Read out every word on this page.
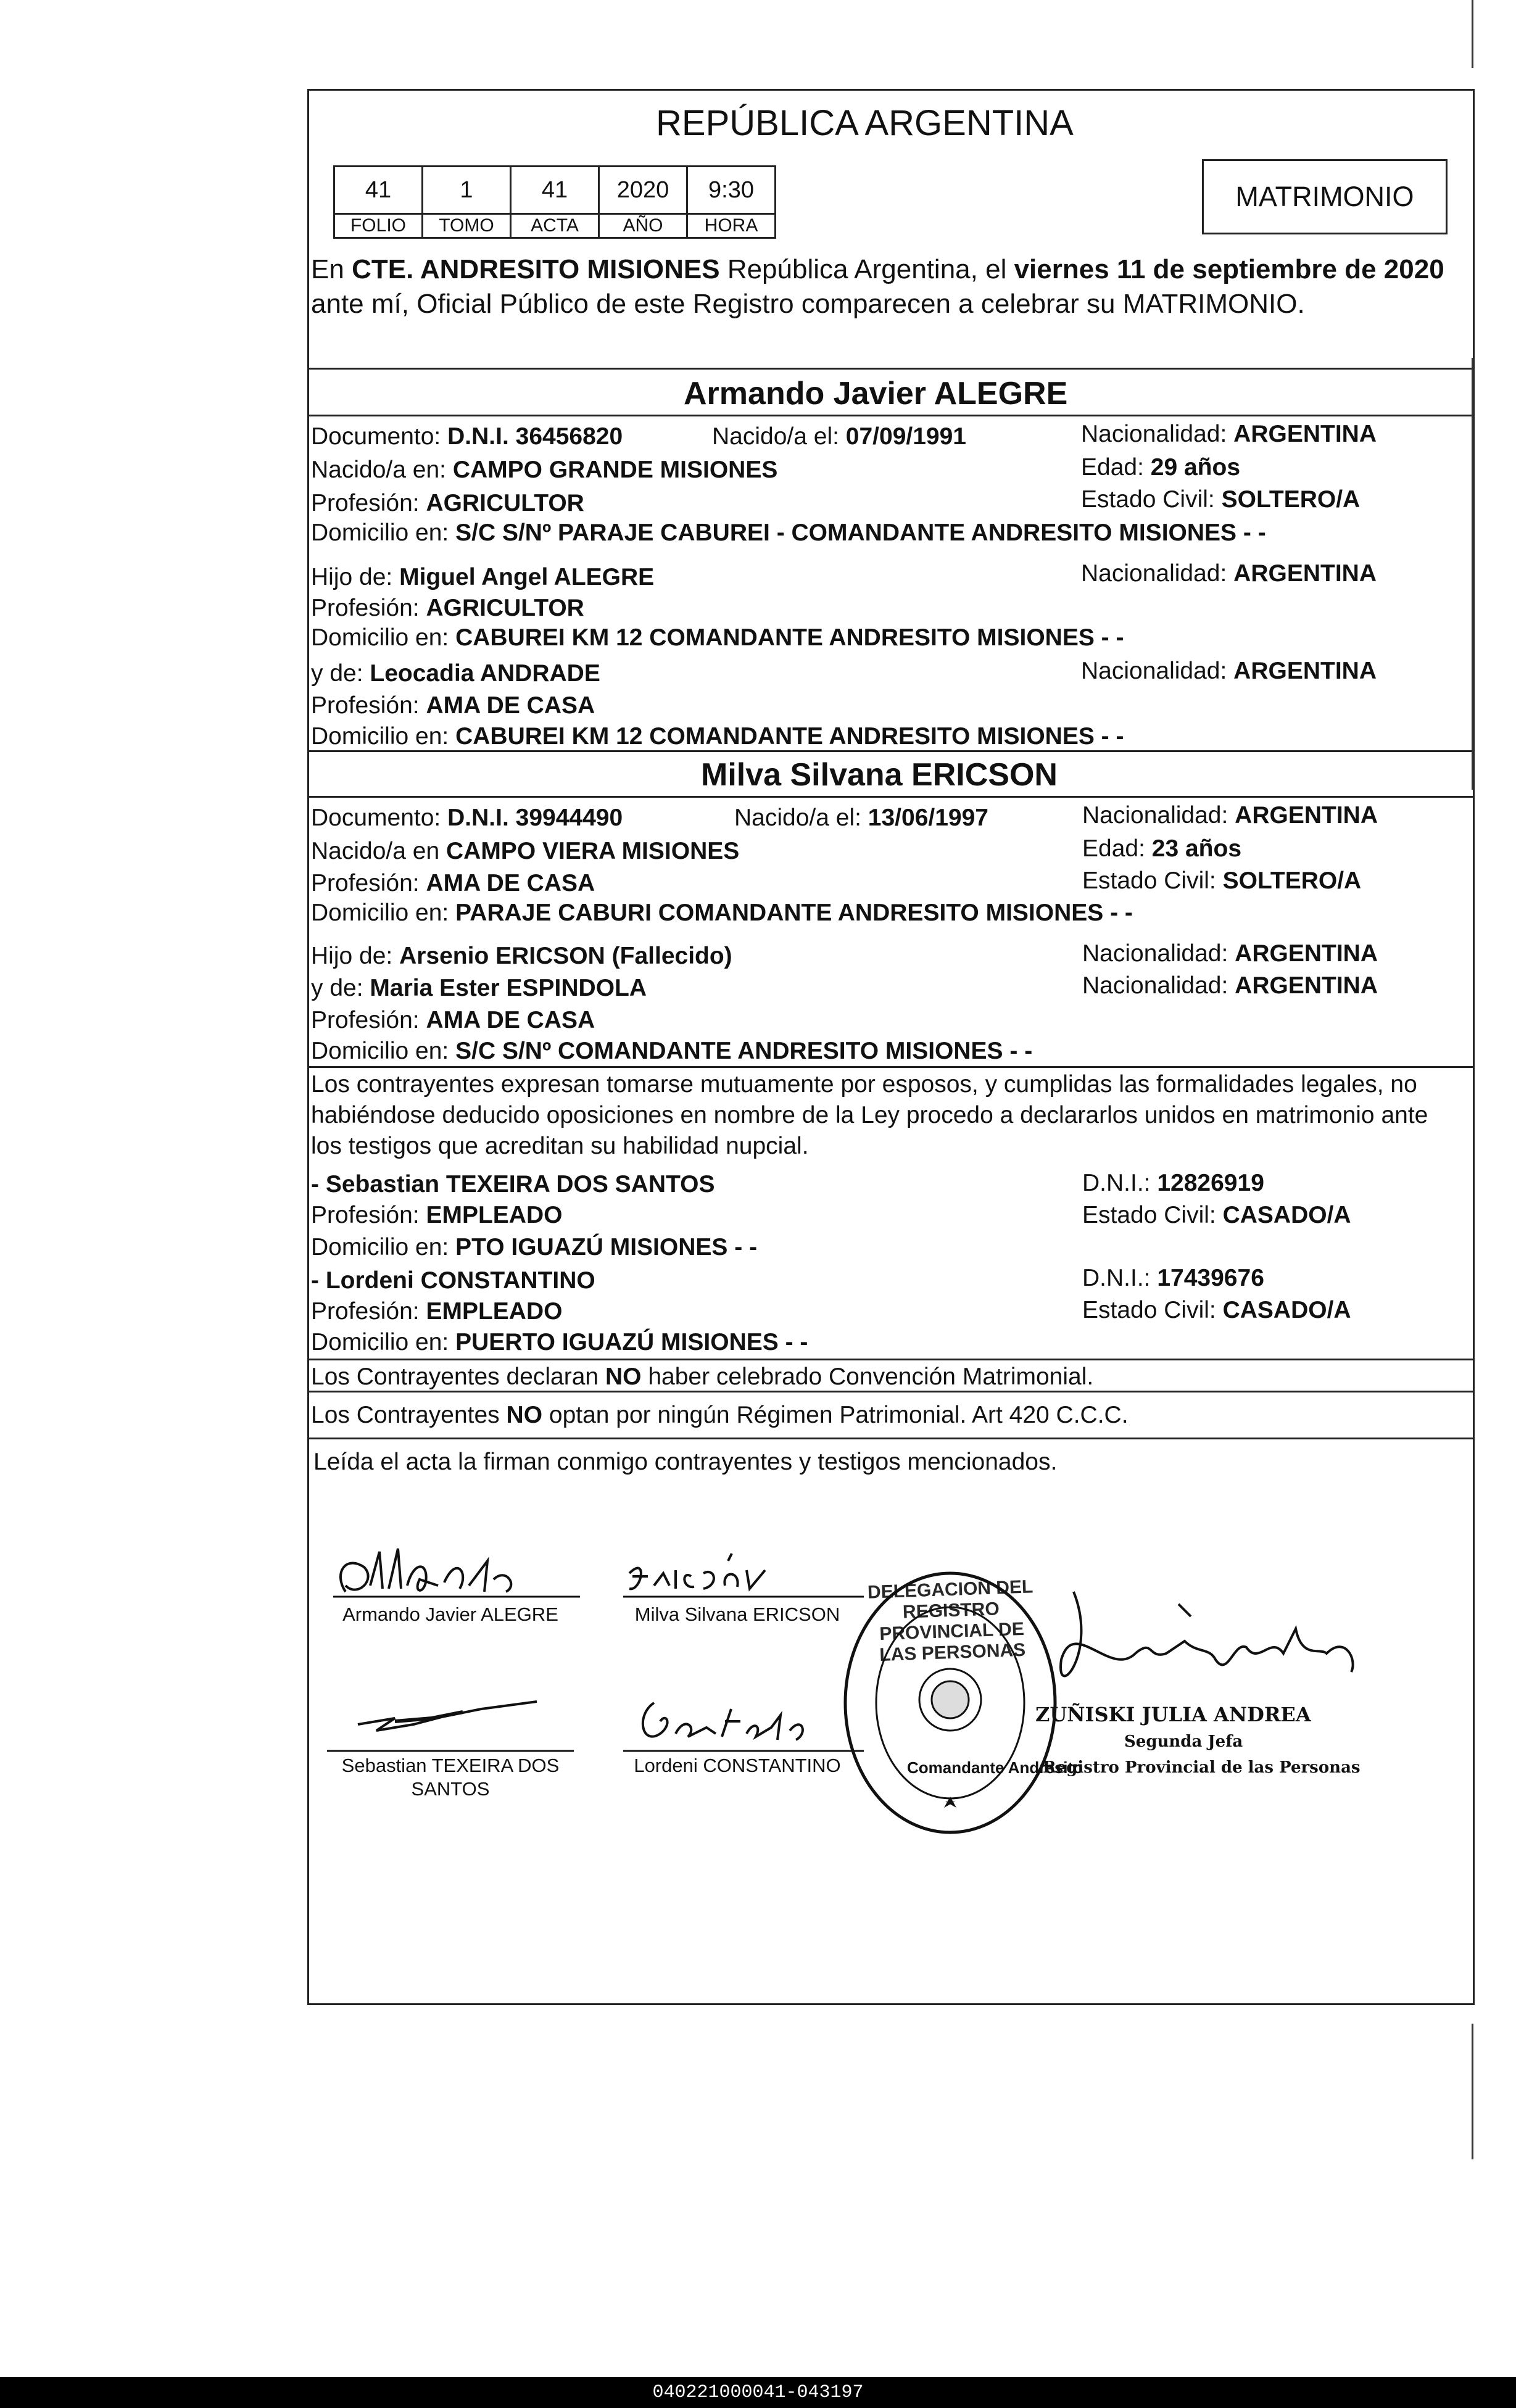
REPÚBLICA ARGENTINA
41	1	41	2020	9:30
FOLIO	TOMO	ACTA	AÑO	HORA
MATRIMONIO
En CTE. ANDRESITO MISIONES República Argentina, el viernes 11 de septiembre de 2020
ante mí, Oficial Público de este Registro comparecen a celebrar su MATRIMONIO.
Armando Javier ALEGRE
Documento: D.N.I. 36456820	Nacido/a el: 07/09/1991	Nacionalidad: ARGENTINA
Nacido/a en: CAMPO GRANDE MISIONES	Edad: 29 años
Profesión: AGRICULTOR	Estado Civil: SOLTERO/A
Domicilio en: S/C S/Nº PARAJE CABUREI - COMANDANTE ANDRESITO MISIONES - -
Hijo de: Miguel Angel ALEGRE	Nacionalidad: ARGENTINA
Profesión: AGRICULTOR
Domicilio en: CABUREI KM 12 COMANDANTE ANDRESITO MISIONES - -
y de: Leocadia ANDRADE	Nacionalidad: ARGENTINA
Profesión: AMA DE CASA
Domicilio en: CABUREI KM 12 COMANDANTE ANDRESITO MISIONES - -
Milva Silvana ERICSON
Documento: D.N.I. 39944490	Nacido/a el: 13/06/1997	Nacionalidad: ARGENTINA
Nacido/a en CAMPO VIERA MISIONES	Edad: 23 años
Profesión: AMA DE CASA	Estado Civil: SOLTERO/A
Domicilio en: PARAJE CABURI COMANDANTE ANDRESITO MISIONES - -
Hijo de: Arsenio ERICSON (Fallecido)	Nacionalidad: ARGENTINA
y de: Maria Ester ESPINDOLA	Nacionalidad: ARGENTINA
Profesión: AMA DE CASA
Domicilio en: S/C S/Nº COMANDANTE ANDRESITO MISIONES - -
Los contrayentes expresan tomarse mutuamente por esposos, y cumplidas las formalidades legales, no
habiéndose deducido oposiciones en nombre de la Ley procedo a declararlos unidos en matrimonio ante
los testigos que acreditan su habilidad nupcial.
- Sebastian TEXEIRA DOS SANTOS	D.N.I.: 12826919
Profesión: EMPLEADO	Estado Civil: CASADO/A
Domicilio en: PTO IGUAZÚ MISIONES - -
- Lordeni CONSTANTINO	D.N.I.: 17439676
Profesión: EMPLEADO	Estado Civil: CASADO/A
Domicilio en: PUERTO IGUAZÚ MISIONES - -
Los Contrayentes declaran NO haber celebrado Convención Matrimonial.
Los Contrayentes NO optan por ningún Régimen Patrimonial. Art 420 C.C.C.
Leída el acta la firman conmigo contrayentes y testigos mencionados.
Armando Javier ALEGRE	Milva Silvana ERICSON
Sebastian TEXEIRA DOS
SANTOS
Lordeni CONSTANTINO
DELEGACION DEL REGISTRO PROVINCIAL DE LAS PERSONAS
Comandante Andresito
ZUÑISKI JULIA ANDREA
Segunda Jefa
Registro Provincial de las Personas
040221000041-043197
